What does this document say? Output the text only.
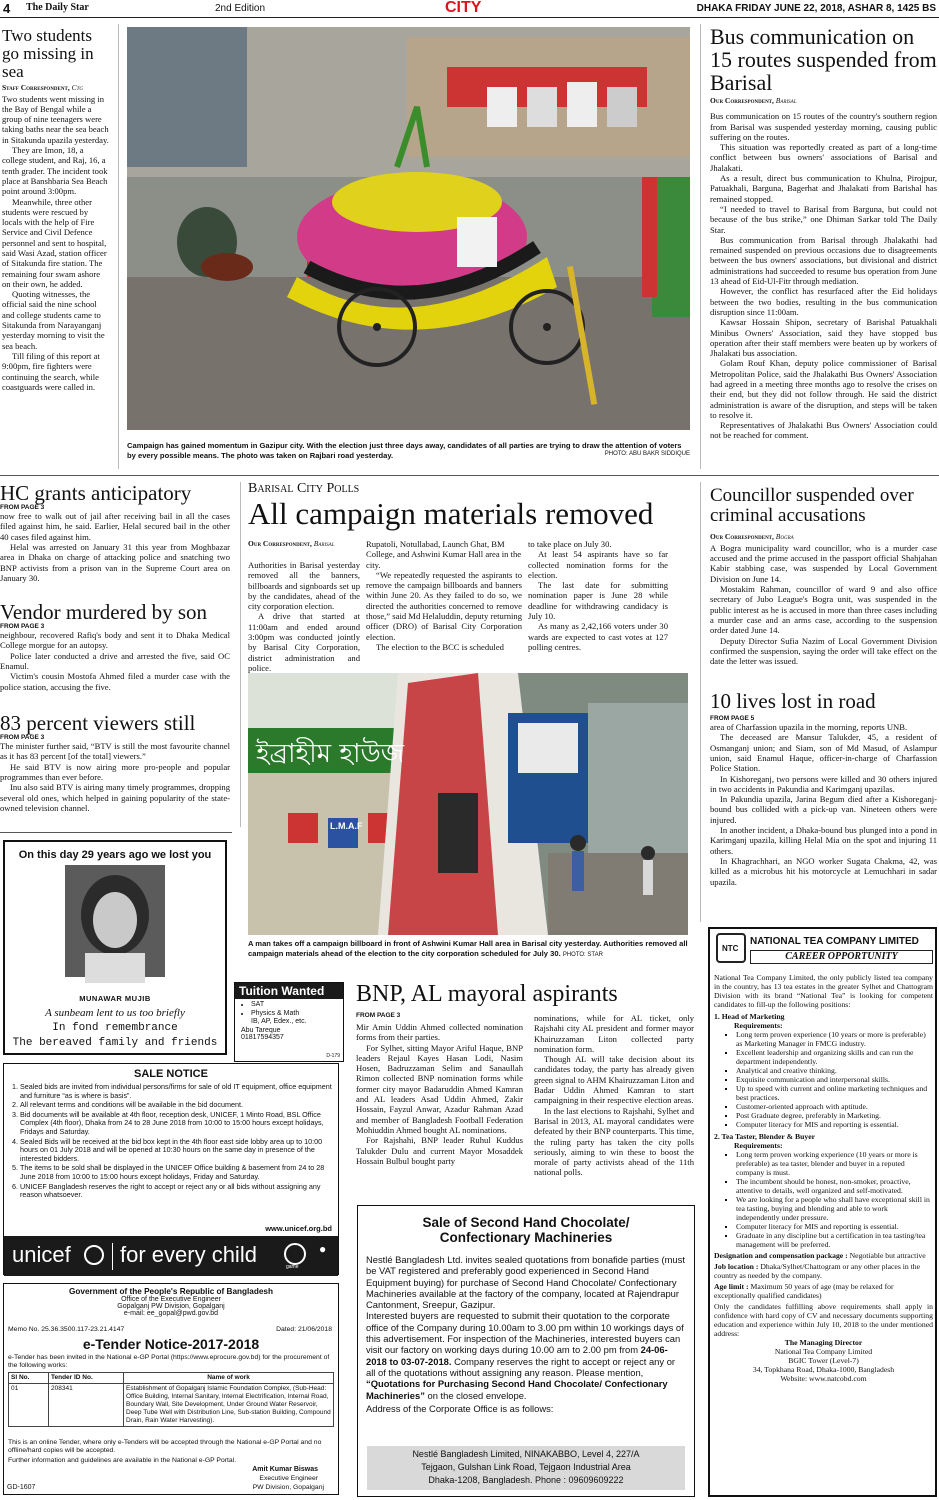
4 The Daily Star	2nd Edition	CITY	DHAKA FRIDAY JUNE 22, 2018, ASHAR 8, 1425 BS
Two students go missing in sea
Staff Correspondent, Ctg

Two students went missing in the Bay of Bengal while a group of nine teenagers were taking baths near the sea beach in Sitakunda upazila yesterday.

They are Imon, 18, a college student, and Raj, 16, a tenth grader. The incident took place at Banshbaria Sea Beach point around 3:00pm.

Meanwhile, three other students were rescued by locals with the help of Fire Service and Civil Defence personnel and sent to hospital, said Wasi Azad, station officer of Sitakunda fire station. The remaining four swam ashore on their own, he added.

Quoting witnesses, the official said the nine school and college students came to Sitakunda from Narayanganj yesterday morning to visit the sea beach.

Till filing of this report at 9:00pm, fire fighters were continuing the search, while coastguards were called in.

Campaign has gained momentum in Gazipur city. With the election just three days away, candidates of all parties are trying to draw the attention of voters by every possible means. The photo was taken on Rajbari road yesterday.	PHOTO: ABU BAKR SIDDIQUE
Bus communication on 15 routes suspended from Barisal
Our Correspondent, Barisal

Bus communication on 15 routes of the country's southern region from Barisal was suspended yesterday morning, causing public suffering on the routes.

This situation was reportedly created as part of a long-time conflict between bus owners' associations of Barisal and Jhalakati.

As a result, direct bus communication to Khulna, Pirojpur, Patuakhali, Barguna, Bagerhat and Jhalakati from Barishal has remained stopped.

“I needed to travel to Barisal from Barguna, but could not because of the bus strike,” one Dhiman Sarkar told The Daily Star.

Bus communication from Barisal through Jhalakathi had remained suspended on previous occasions due to disagreements between the bus owners' associations, but divisional and district administrations had succeeded to resume bus operation from June 13 ahead of Eid-Ul-Fitr through mediation.

However, the conflict has resurfaced after the Eid holidays between the two bodies, resulting in the bus communication disruption since 11:00am.

Kawsar Hossain Shipon, secretary of Barishal Patuakhali Minibus Owners' Association, said they have stopped bus operation after their staff members were beaten up by workers of Jhalakati bus association.

Golam Rouf Khan, deputy police commissioner of Barisal Metropolitan Police, said the Jhalakathi Bus Owners' Association had agreed in a meeting three months ago to resolve the crises on their end, but they did not follow through. He said the district administration is aware of the disruption, and steps will be taken to resolve it.

Representatives of Jhalakathi Bus Owners' Association could not be reached for comment.

HC grants anticipatory
FROM PAGE 3

now free to walk out of jail after receiving bail in all the cases filed against him, he said. Earlier, Helal secured bail in the other 40 cases filed against him.

Helal was arrested on January 31 this year from Moghbazar area in Dhaka on charge of attacking police and snatching two BNP activists from a prison van in the Supreme Court area on January 30.

Vendor murdered by son
FROM PAGE 3

neighbour, recovered Rafiq's body and sent it to Dhaka Medical College morgue for an autopsy.

Police later conducted a drive and arrested the five, said OC Enamul.

Victim's cousin Mostofa Ahmed filed a murder case with the police station, accusing the five.

83 percent viewers still
FROM PAGE 3

The minister further said, “BTV is still the most favourite channel as it has 83 percent [of the total] viewers.”

He said BTV is now airing more pro-people and popular programmes than ever before.

Inu also said BTV is airing many timely programmes, dropping several old ones, which helped in gaining popularity of the state-owned television channel.

On this day 29 years ago we lost you
MUNAWAR MUJIB
A sunbeam lent to us too briefly
In fond remembrance
The bereaved family and friends
SALE NOTICE
1. Sealed bids are invited from individual persons/firms for sale of old IT equipment, office equipment and furniture “as is where is basis”.
2. All relevant terms and conditions will be available in the bid document.
3. Bid documents will be available at 4th floor, reception desk, UNICEF, 1 Minto Road, BSL Office Complex (4th floor), Dhaka from 24 to 28 June 2018 from 10:00 to 15:00 hours except holidays, Fridays and Saturday.
4. Sealed Bids will be received at the bid box kept in the 4th floor east side lobby area up to 10:00 hours on 01 July 2018 and will be opened at 10:30 hours on the same day in presence of the interested bidders.
5. The items to be sold shall be displayed in the UNICEF Office building & basement from 24 to 28 June 2018 from 10:00 to 15:00 hours except holidays, Friday and Saturday.
6. UNICEF Bangladesh reserves the right to accept or reject any or all bids without assigning any reason whatsoever.
www.unicef.org.bd
unicef for every child	game
●
Government of the People's Republic of Bangladesh
Office of the Executive Engineer
Gopalganj PW Division, Gopalganj
e-mail: ee_gopal@pwd.gov.bd
Memo No. 25.36.3500.117-23.21.4147	Dated: 21/06/2018
e-Tender Notice-2017-2018
e-Tender has been invited in the National e-GP Portal (https://www.eprocure.gov.bd) for the procurement of the following works:
Sl No.	Tender ID No.	Name of work
01	208341	Establishment of Gopalganj Islamic Foundation Complex, (Sub-Head: Office Building, Internal Sanitary, Internal Electrification, Internal Road, Boundary Wall, Site Development, Under Ground Water Reservoir, Deep Tube Well with Distribution Line, Sub-station Building, Compound Drain, Rain Water Harvesting).
This is an online Tender, where only e-Tenders will be accepted through the National e-GP Portal and no offline/hard copies will be accepted.
Further information and guidelines are available in the National e-GP Portal.
Amit Kumar Biswas
Executive Engineer
PW Division, Gopalganj
GD-1607
Barisal City Polls
All campaign materials removed
Our Correspondent, Barisal

Authorities in Barisal yesterday removed all the banners, billboards and signboards set up by the candidates, ahead of the city corporation election.

A drive that started at 11:00am and ended around 3:00pm was conducted jointly by Barisal City Corporation, district administration and police.

Rupatoli, Notullabad, Launch Ghat, BM College, and Ashwini Kumar Hall area in the city.

“We repeatedly requested the aspirants to remove the campaign billboards and banners within June 20. As they failed to do so, we directed the authorities concerned to remove those,” said Md Helaluddin, deputy returning officer (DRO) of Barisal City Corporation election.

The election to the BCC is scheduled

to take place on July 30.

At least 54 aspirants have so far collected nomination forms for the election.

The last date for submitting nomination paper is June 28 while deadline for withdrawing candidacy is July 10.

As many as 2,42,166 voters under 30 wards are expected to cast votes at 127 polling centres.

ইব্রাহীম হাউজ
L.M.A.F
A man takes off a campaign billboard in front of Ashwini Kumar Hall area in Barisal city yesterday. Authorities removed all campaign materials ahead of the election to the city corporation scheduled for July 30. PHOTO: STAR
Tuition Wanted
• SAT
• Physics & Math
IB, AP, Edex., etc.
Abu Tareque
01817594357
D-179
BNP, AL mayoral aspirants
FROM PAGE 3

Mir Amin Uddin Ahmed collected nomination forms from their parties.

For Sylhet, sitting Mayor Ariful Haque, BNP leaders Rejaul Kayes Hasan Lodi, Nasim Hosen, Badruzzaman Selim and Sanaullah Rimon collected BNP nomination forms while former city mayor Badaruddin Ahmed Kamran and AL leaders Asad Uddin Ahmed, Zakir Hossain, Fayzul Anwar, Azadur Rahman Azad and member of Bangladesh Football Federation Mohiuddin Ahmed bought AL nominations.

For Rajshahi, BNP leader Ruhul Kuddus Talukder Dulu and current Mayor Mosaddek Hossain Bulbul bought party

nominations, while for AL ticket, only Rajshahi city AL president and former mayor Khairuzzaman Liton collected party nomination form.

Though AL will take decision about its candidates today, the party has already given green signal to AHM Khairuzzaman Liton and Badar Uddin Ahmed Kamran to start campaigning in their respective election areas.

In the last elections to Rajshahi, Sylhet and Barisal in 2013, AL mayoral candidates were defeated by their BNP counterparts. This time, the ruling party has taken the city polls seriously, aiming to win these to boost the morale of party activists ahead of the 11th national polls.

Sale of Second Hand Chocolate/
Confectionary Machineries
Nestlé Bangladesh Ltd. invites sealed quotations from bonafide parties (must be VAT registered and preferably good experienced in Second Hand Equipment buying) for purchase of Second Hand Chocolate/ Confectionary Machineries available at the factory of the company, located at Rajendrapur Cantonment, Sreepur, Gazipur.
Interested buyers are requested to submit their quotation to the corporate office of the Company during 10.00am to 3.00 pm within 10 workings days of this advertisement. For inspection of the Machineries, interested buyers can visit our factory on working days during 10.00 am to 2.00 pm from 24-06-2018 to 03-07-2018. Company reserves the right to accept or reject any or all of the quotations without assigning any reason. Please mention, “Quotations for Purchasing Second Hand Chocolate/ Confectionary Machineries” on the closed envelope.
Address of the Corporate Office is as follows:
Nestlé Bangladesh Limited, NINAKABBO, Level 4, 227/A
Tejgaon, Gulshan Link Road, Tejgaon Industrial Area
Dhaka-1208, Bangladesh. Phone : 09609609222
Councillor suspended over criminal accusations
Our Correspondent, Bogra

A Bogra municipality ward councillor, who is a murder case accused and the prime accused in the passport official Shahjahan Kabir stabbing case, was suspended by Local Government Division on June 14.

Mostakim Rahman, councillor of ward 9 and also office secretary of Jubo League's Bogra unit, was suspended in the public interest as he is accused in more than three cases including a murder case and an arms case, according to the suspension order dated June 14.

Deputy Director Sufia Nazim of Local Government Division confirmed the suspension, saying the order will take effect on the date the letter was issued.

10 lives lost in road
FROM PAGE 5

area of Charfassion upazila in the morning, reports UNB.

The deceased are Mansur Talukder, 45, a resident of Osmanganj union; and Siam, son of Md Masud, of Aslampur union, said Enamul Haque, officer-in-charge of Charfassion Police Station.

In Kishoreganj, two persons were killed and 30 others injured in two accidents in Pakundia and Karimganj upazilas.

In Pakundia upazila, Jarina Begum died after a Kishoreganj-bound bus collided with a pick-up van. Nineteen others were injured.

In another incident, a Dhaka-bound bus plunged into a pond in Karimganj upazila, killing Helal Mia on the spot and injuring 11 others.

In Khagrachhari, an NGO worker Sugata Chakma, 42, was killed as a microbus hit his motorcycle at Lemuchhari in sadar upazila.

NTC
NATIONAL TEA COMPANY LIMITED
CAREER OPPORTUNITY

National Tea Company Limited, the only publicly listed tea company in the country, has 13 tea estates in the greater Sylhet and Chattogram Division with its brand “National Tea” is looking for competent candidates to fill-up the following positions:

1. Head of Marketing

Requirements:

▪ Long term proven experience (10 years or more is preferable) as Marketing Manager in FMCG industry.
▪ Excellent leadership and organizing skills and can run the department independently.
▪ Analytical and creative thinking.
▪ Exquisite communication and interpersonal skills.
▪ Up to speed with current and online marketing techniques and best practices.
▪ Customer-oriented approach with aptitude.
▪ Post Graduate degree, preferably in Marketing.
▪ Computer literacy for MIS and reporting is essential.

2. Tea Taster, Blender & Buyer

Requirements:

▪ Long term proven working experience (10 years or more is preferable) as tea taster, blender and buyer in a reputed company is must.
▪ The incumbent should be honest, non-smoker, proactive, attentive to details, well organized and self-motivated.
▪ We are looking for a people who shall have exceptional skill in tea tasting, buying and blending and able to work independently under pressure.
▪ Computer literacy for MIS and reporting is essential.
▪ Graduate in any discipline but a certification in tea tasting/tea management will be preferred.

Designation and compensation package : Negotiable but attractive

Job location : Dhaka/Sylhet/Chattogram or any other places in the country as needed by the company.

Age limit : Maximum 50 years of age (may be relaxed for exceptionally qualified candidates)

Only the candidates fulfilling above requirements shall apply in confidence with hard copy of CV and necessary documents supporting education and experience within July 10, 2018 to the under mentioned address:

The Managing Director

National Tea Company Limited

BGIC Tower (Level-7)

34, Topkhana Road, Dhaka-1000, Bangladesh

Website: www.natcobd.com
